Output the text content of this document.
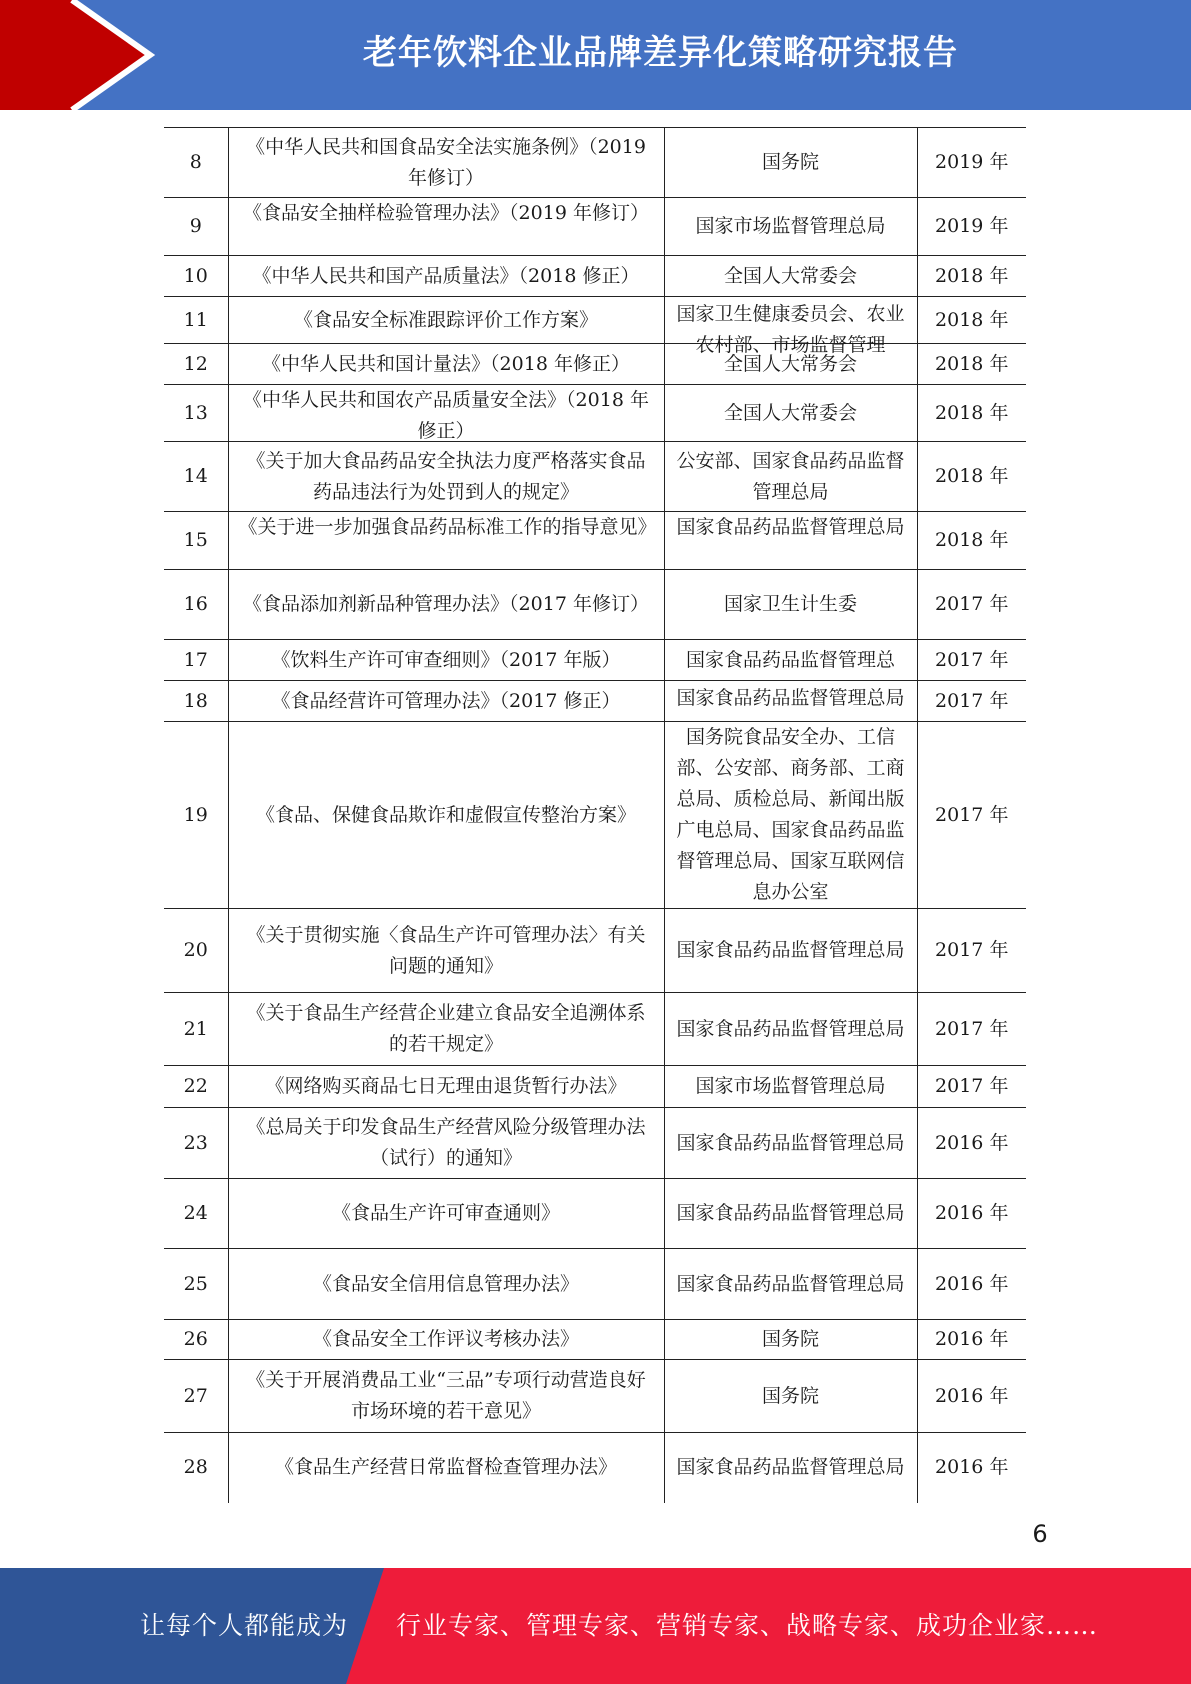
老年饮料企业品牌差异化策略研究报告
8	《中华人民共和国食品安全法实施条例》（2019 年修订）	国务院	2019 年
9	《食品安全抽样检验管理办法》（2019 年修订）	国家市场监督管理总局	2019 年
10	《中华人民共和国产品质量法》（2018 修正）	全国人大常委会	2018 年
11	《食品安全标准跟踪评价工作方案》	国家卫生健康委员会、农业农村部、市场监督管理	2018 年
12	《中华人民共和国计量法》（2018 年修正）	全国人大常务会	2018 年
13	《中华人民共和国农产品质量安全法》（2018 年修正）	全国人大常委会	2018 年
14	《关于加大食品药品安全执法力度严格落实食品药品违法行为处罚到人的规定》	公安部、国家食品药品监督管理总局	2018 年
15	《关于进一步加强食品药品标准工作的指导意见》	国家食品药品监督管理总局	2018 年
16	《食品添加剂新品种管理办法》（2017 年修订）	国家卫生计生委	2017 年
17	《饮料生产许可审查细则》（2017 年版）	国家食品药品监督管理总	2017 年
18	《食品经营许可管理办法》（2017 修正）	国家食品药品监督管理总局	2017 年
19	《食品、保健食品欺诈和虚假宣传整治方案》	国务院食品安全办、工信部、公安部、商务部、工商总局、质检总局、新闻出版广电总局、国家食品药品监督管理总局、国家互联网信息办公室	2017 年
20	《关于贯彻实施〈食品生产许可管理办法〉有关问题的通知》	国家食品药品监督管理总局	2017 年
21	《关于食品生产经营企业建立食品安全追溯体系的若干规定》	国家食品药品监督管理总局	2017 年
22	《网络购买商品七日无理由退货暂行办法》	国家市场监督管理总局	2017 年
23	《总局关于印发食品生产经营风险分级管理办法（试行）的通知》	国家食品药品监督管理总局	2016 年
24	《食品生产许可审查通则》	国家食品药品监督管理总局	2016 年
25	《食品安全信用信息管理办法》	国家食品药品监督管理总局	2016 年
26	《食品安全工作评议考核办法》	国务院	2016 年
27	《关于开展消费品工业“三品”专项行动营造良好市场环境的若干意见》	国务院	2016 年
28	《食品生产经营日常监督检查管理办法》	国家食品药品监督管理总局	2016 年
6
让每个人都能成为 行业专家、管理专家、营销专家、战略专家、成功企业家……
